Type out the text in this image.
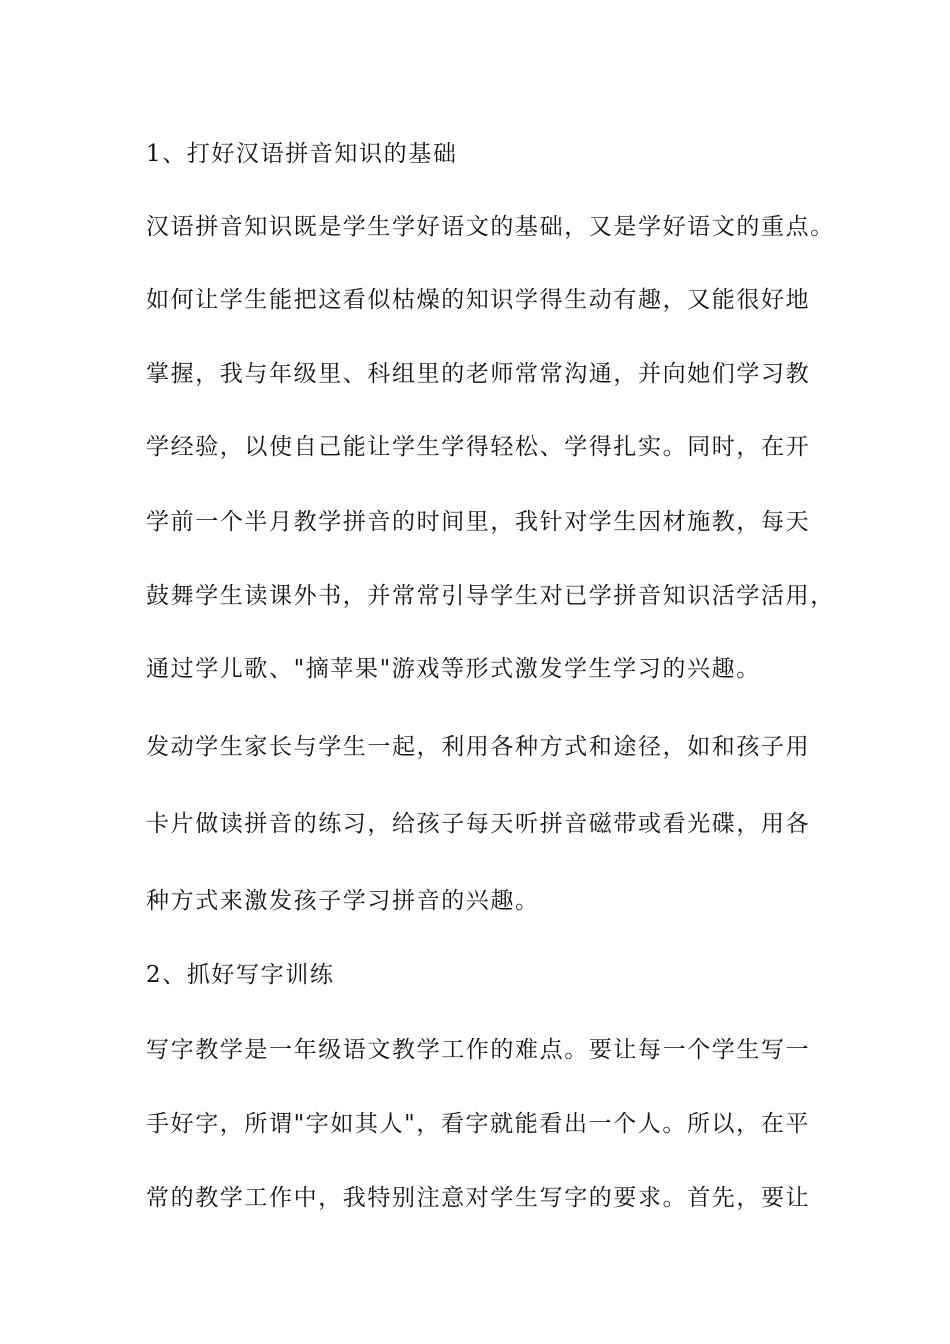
1、打好汉语拼音知识的基础
汉语拼音知识既是学生学好语文的基础，又是学好语文的重点。
如何让学生能把这看似枯燥的知识学得生动有趣，又能很好地
掌握，我与年级里、科组里的老师常常沟通，并向她们学习教
学经验，以使自己能让学生学得轻松、学得扎实。同时，在开
学前一个半月教学拼音的时间里，我针对学生因材施教，每天
鼓舞学生读课外书，并常常引导学生对已学拼音知识活学活用，
通过学儿歌、"摘苹果"游戏等形式激发学生学习的兴趣。
发动学生家长与学生一起，利用各种方式和途径，如和孩子用
卡片做读拼音的练习，给孩子每天听拼音磁带或看光碟，用各
种方式来激发孩子学习拼音的兴趣。
2、抓好写字训练
写字教学是一年级语文教学工作的难点。要让每一个学生写一
手好字，所谓"字如其人"，看字就能看出一个人。所以，在平
常的教学工作中，我特别注意对学生写字的要求。首先，要让
